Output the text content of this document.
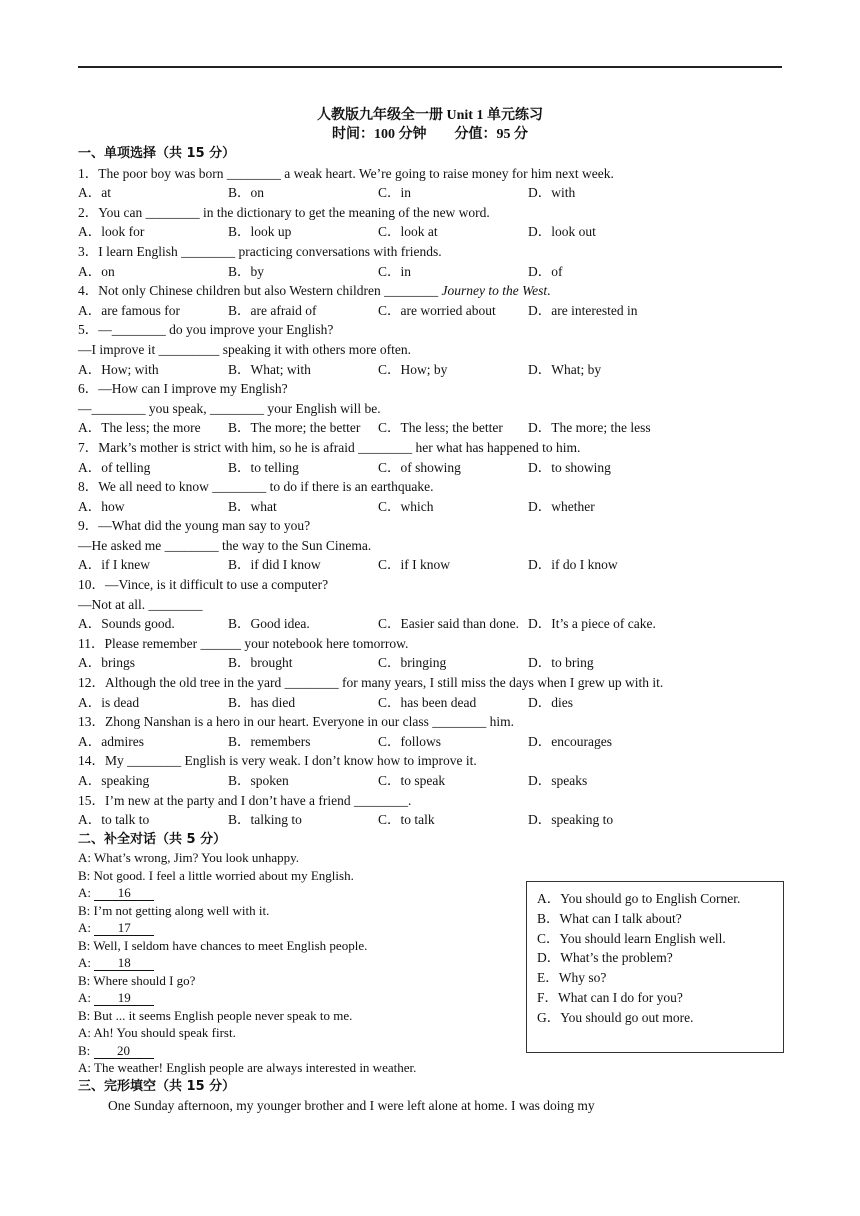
人教版九年级全一册 Unit 1 单元练习
时间：100 分钟　　分值：95 分
一、单项选择（共 15 分）
1．The poor boy was born ________ a weak heart. We’re going to raise money for him next week.
A．at	B．on	C．in	D．with
2．You can ________ in the dictionary to get the meaning of the new word.
A．look for	B．look up	C．look at	D．look out
3．I learn English ________ practicing conversations with friends.
A．on	B．by	C．in	D．of
4．Not only Chinese children but also Western children ________ Journey to the West.
A．are famous for	B．are afraid of	C．are worried about	D．are interested in
5．—________ do you improve your English?
—I improve it _________ speaking it with others more often.
A．How; with	B．What; with	C．How; by	D．What; by
6．—How can I improve my English?
—________ you speak, ________ your English will be.
A．The less; the more	B．The more; the better	C．The less; the better	D．The more; the less
7．Mark’s mother is strict with him, so he is afraid ________ her what has happened to him.
A．of telling	B．to telling	C．of showing	D．to showing
8．We all need to know ________ to do if there is an earthquake.
A．how	B．what	C．which	D．whether
9．—What did the young man say to you?
—He asked me ________ the way to the Sun Cinema.
A．if I knew	B．if did I know	C．if I know	D．if do I know
10．—Vince, is it difficult to use a computer?
—Not at all. ________
A．Sounds good.	B．Good idea.	C．Easier said than done. D．It’s a piece of cake.
11．Please remember ______ your notebook here tomorrow.
A．brings	B．brought	C．bringing	D．to bring
12．Although the old tree in the yard ________ for many years, I still miss the days when I grew up with it.
A．is dead	B．has died	C．has been dead	D．dies
13．Zhong Nanshan is a hero in our heart. Everyone in our class ________ him.
A．admires	B．remembers	C．follows	D．encourages
14．My ________ English is very weak. I don’t know how to improve it.
A．speaking	B．spoken	C．to speak	D．speaks
15．I’m new at the party and I don’t have a friend ________.
A．to talk to	B．talking to	C．to talk	D．speaking to
二、补全对话（共 5 分）
A: What’s wrong, Jim? You look unhappy.
B: Not good. I feel a little worried about my English.
A: 16
B: I’m not getting along well with it.
A: 17
B: Well, I seldom have chances to meet English people.
A: 18
B: Where should I go?
A: 19
B: But ... it seems English people never speak to me.
A: Ah! You should speak first.
B: 20
A: The weather! English people are always interested in weather.
三、完形填空（共 15 分）
One Sunday afternoon, my younger brother and I were left alone at home. I was doing my
A．You should go to English Corner.
B．What can I talk about?
C．You should learn English well.
D．What’s the problem?
E．Why so?
F．What can I do for you?
G．You should go out more.
